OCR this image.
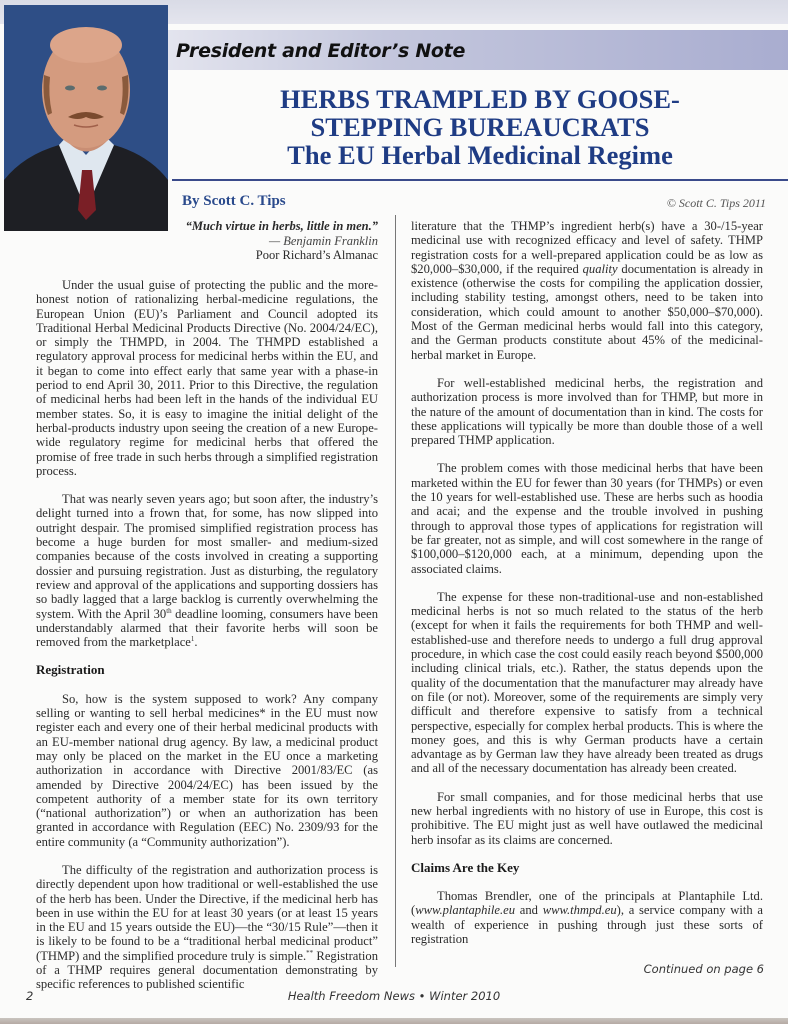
President and Editor’s Note
HERBS TRAMPLED BY GOOSE-
STEPPING BUREAUCRATS
The EU Herbal Medicinal Regime
By Scott C. Tips	© Scott C. Tips 2011
“Much virtue in herbs, little in men.”
— Benjamin Franklin
Poor Richard’s Almanac

Under the usual guise of protecting the public and the more-honest notion of rationalizing herbal-medicine regulations, the European Union (EU)’s Parliament and Council adopted its Traditional Herbal Medicinal Products Directive (No. 2004/24/EC), or simply the THMPD, in 2004. The THMPD established a regulatory approval process for medicinal herbs within the EU, and it began to come into effect early that same year with a phase-in period to end April 30, 2011. Prior to this Directive, the regulation of medicinal herbs had been left in the hands of the individual EU member states. So, it is easy to imagine the initial delight of the herbal-products industry upon seeing the creation of a new Europe-wide regulatory regime for medicinal herbs that offered the promise of free trade in such herbs through a simplified registration process.

That was nearly seven years ago; but soon after, the industry’s delight turned into a frown that, for some, has now slipped into outright despair. The promised simplified registration process has become a huge burden for most smaller- and medium-sized companies because of the costs involved in creating a supporting dossier and pursuing registration. Just as disturbing, the regulatory review and approval of the applications and supporting dossiers has so badly lagged that a large backlog is currently overwhelming the system. With the April 30th deadline looming, consumers have been understandably alarmed that their favorite herbs will soon be removed from the marketplace$^1$.

Registration

So, how is the system supposed to work? Any company selling or wanting to sell herbal medicines* in the EU must now register each and every one of their herbal medicinal products with an EU-member national drug agency. By law, a medicinal product may only be placed on the market in the EU once a marketing authorization in accordance with Directive 2001/83/EC (as amended by Directive 2004/24/EC) has been issued by the competent authority of a member state for its own territory (“national authorization”) or when an authorization has been granted in accordance with Regulation (EEC) No. 2309/93 for the entire community (a “Community authorization”).

The difficulty of the registration and authorization process is directly dependent upon how traditional or well-established the use of the herb has been. Under the Directive, if the medicinal herb has been in use within the EU for at least 30 years (or at least 15 years in the EU and 15 years outside the EU)—the “30/15 Rule”—then it is likely to be found to be a “traditional herbal medicinal product” (THMP) and the simplified procedure truly is simple.** Registration of a THMP requires general documentation demonstrating by specific references to published scientific

literature that the THMP’s ingredient herb(s) have a 30-/15-year medicinal use with recognized efficacy and level of safety. THMP registration costs for a well-prepared application could be as low as $20,000–$30,000, if the required quality documentation is already in existence (otherwise the costs for compiling the application dossier, including stability testing, amongst others, need to be taken into consideration, which could amount to another $50,000–$70,000). Most of the German medicinal herbs would fall into this category, and the German products constitute about 45% of the medicinal-herbal market in Europe.

For well-established medicinal herbs, the registration and authorization process is more involved than for THMP, but more in the nature of the amount of documentation than in kind. The costs for these applications will typically be more than double those of a well prepared THMP application.

The problem comes with those medicinal herbs that have been marketed within the EU for fewer than 30 years (for THMPs) or even the 10 years for well-established use. These are herbs such as hoodia and acai; and the expense and the trouble involved in pushing through to approval those types of applications for registration will be far greater, not as simple, and will cost somewhere in the range of $100,000–$120,000 each, at a minimum, depending upon the associated claims.

The expense for these non-traditional-use and non-established medicinal herbs is not so much related to the status of the herb (except for when it fails the requirements for both THMP and well-established-use and therefore needs to undergo a full drug approval procedure, in which case the cost could easily reach beyond $500,000 including clinical trials, etc.). Rather, the status depends upon the quality of the documentation that the manufacturer may already have on file (or not). Moreover, some of the requirements are simply very difficult and therefore expensive to satisfy from a technical perspective, especially for complex herbal products. This is where the money goes, and this is why German products have a certain advantage as by German law they have already been treated as drugs and all of the necessary documentation has already been created.

For small companies, and for those medicinal herbs that use new herbal ingredients with no history of use in Europe, this cost is prohibitive. The EU might just as well have outlawed the medicinal herb insofar as its claims are concerned.

Claims Are the Key

Thomas Brendler, one of the principals at Plantaphile Ltd. (www.plantaphile.eu and www.thmpd.eu), a service company with a wealth of experience in pushing through just these sorts of registration

Continued on page 6
2	Health Freedom News • Winter 2010
